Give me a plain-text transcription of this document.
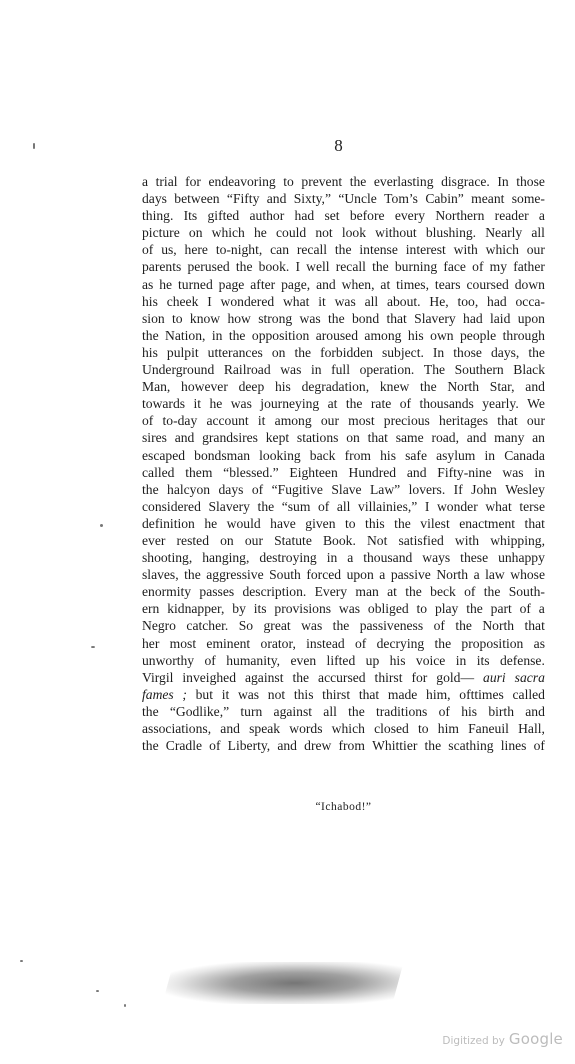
8
a trial for endeavoring to prevent the everlasting disgrace. In those
days between “Fifty and Sixty,” “Uncle Tom’s Cabin” meant some-
thing. Its gifted author had set before every Northern reader a
picture on which he could not look without blushing. Nearly all
of us, here to-night, can recall the intense interest with which our
parents perused the book. I well recall the burning face of my father
as he turned page after page, and when, at times, tears coursed down
his cheek I wondered what it was all about. He, too, had occa-
sion to know how strong was the bond that Slavery had laid upon
the Nation, in the opposition aroused among his own people through
his pulpit utterances on the forbidden subject. In those days, the
Underground Railroad was in full operation. The Southern Black
Man, however deep his degradation, knew the North Star, and
towards it he was journeying at the rate of thousands yearly. We
of to-day account it among our most precious heritages that our
sires and grandsires kept stations on that same road, and many an
escaped bondsman looking back from his safe asylum in Canada
called them “blessed.” Eighteen Hundred and Fifty-nine was in
the halcyon days of “Fugitive Slave Law” lovers. If John Wesley
considered Slavery the “sum of all villainies,” I wonder what terse
definition he would have given to this the vilest enactment that
ever rested on our Statute Book. Not satisfied with whipping,
shooting, hanging, destroying in a thousand ways these unhappy
slaves, the aggressive South forced upon a passive North a law whose
enormity passes description. Every man at the beck of the South-
ern kidnapper, by its provisions was obliged to play the part of a
Negro catcher. So great was the passiveness of the North that
her most eminent orator, instead of decrying the proposition as
unworthy of humanity, even lifted up his voice in its defense.
Virgil inveighed against the accursed thirst for gold— auri sacra
fames ; but it was not this thirst that made him, ofttimes called
the “Godlike,” turn against all the traditions of his birth and
associations, and speak words which closed to him Faneuil Hall,
the Cradle of Liberty, and drew from Whittier the scathing lines of
“Ichabod!”
Digitized by Google
